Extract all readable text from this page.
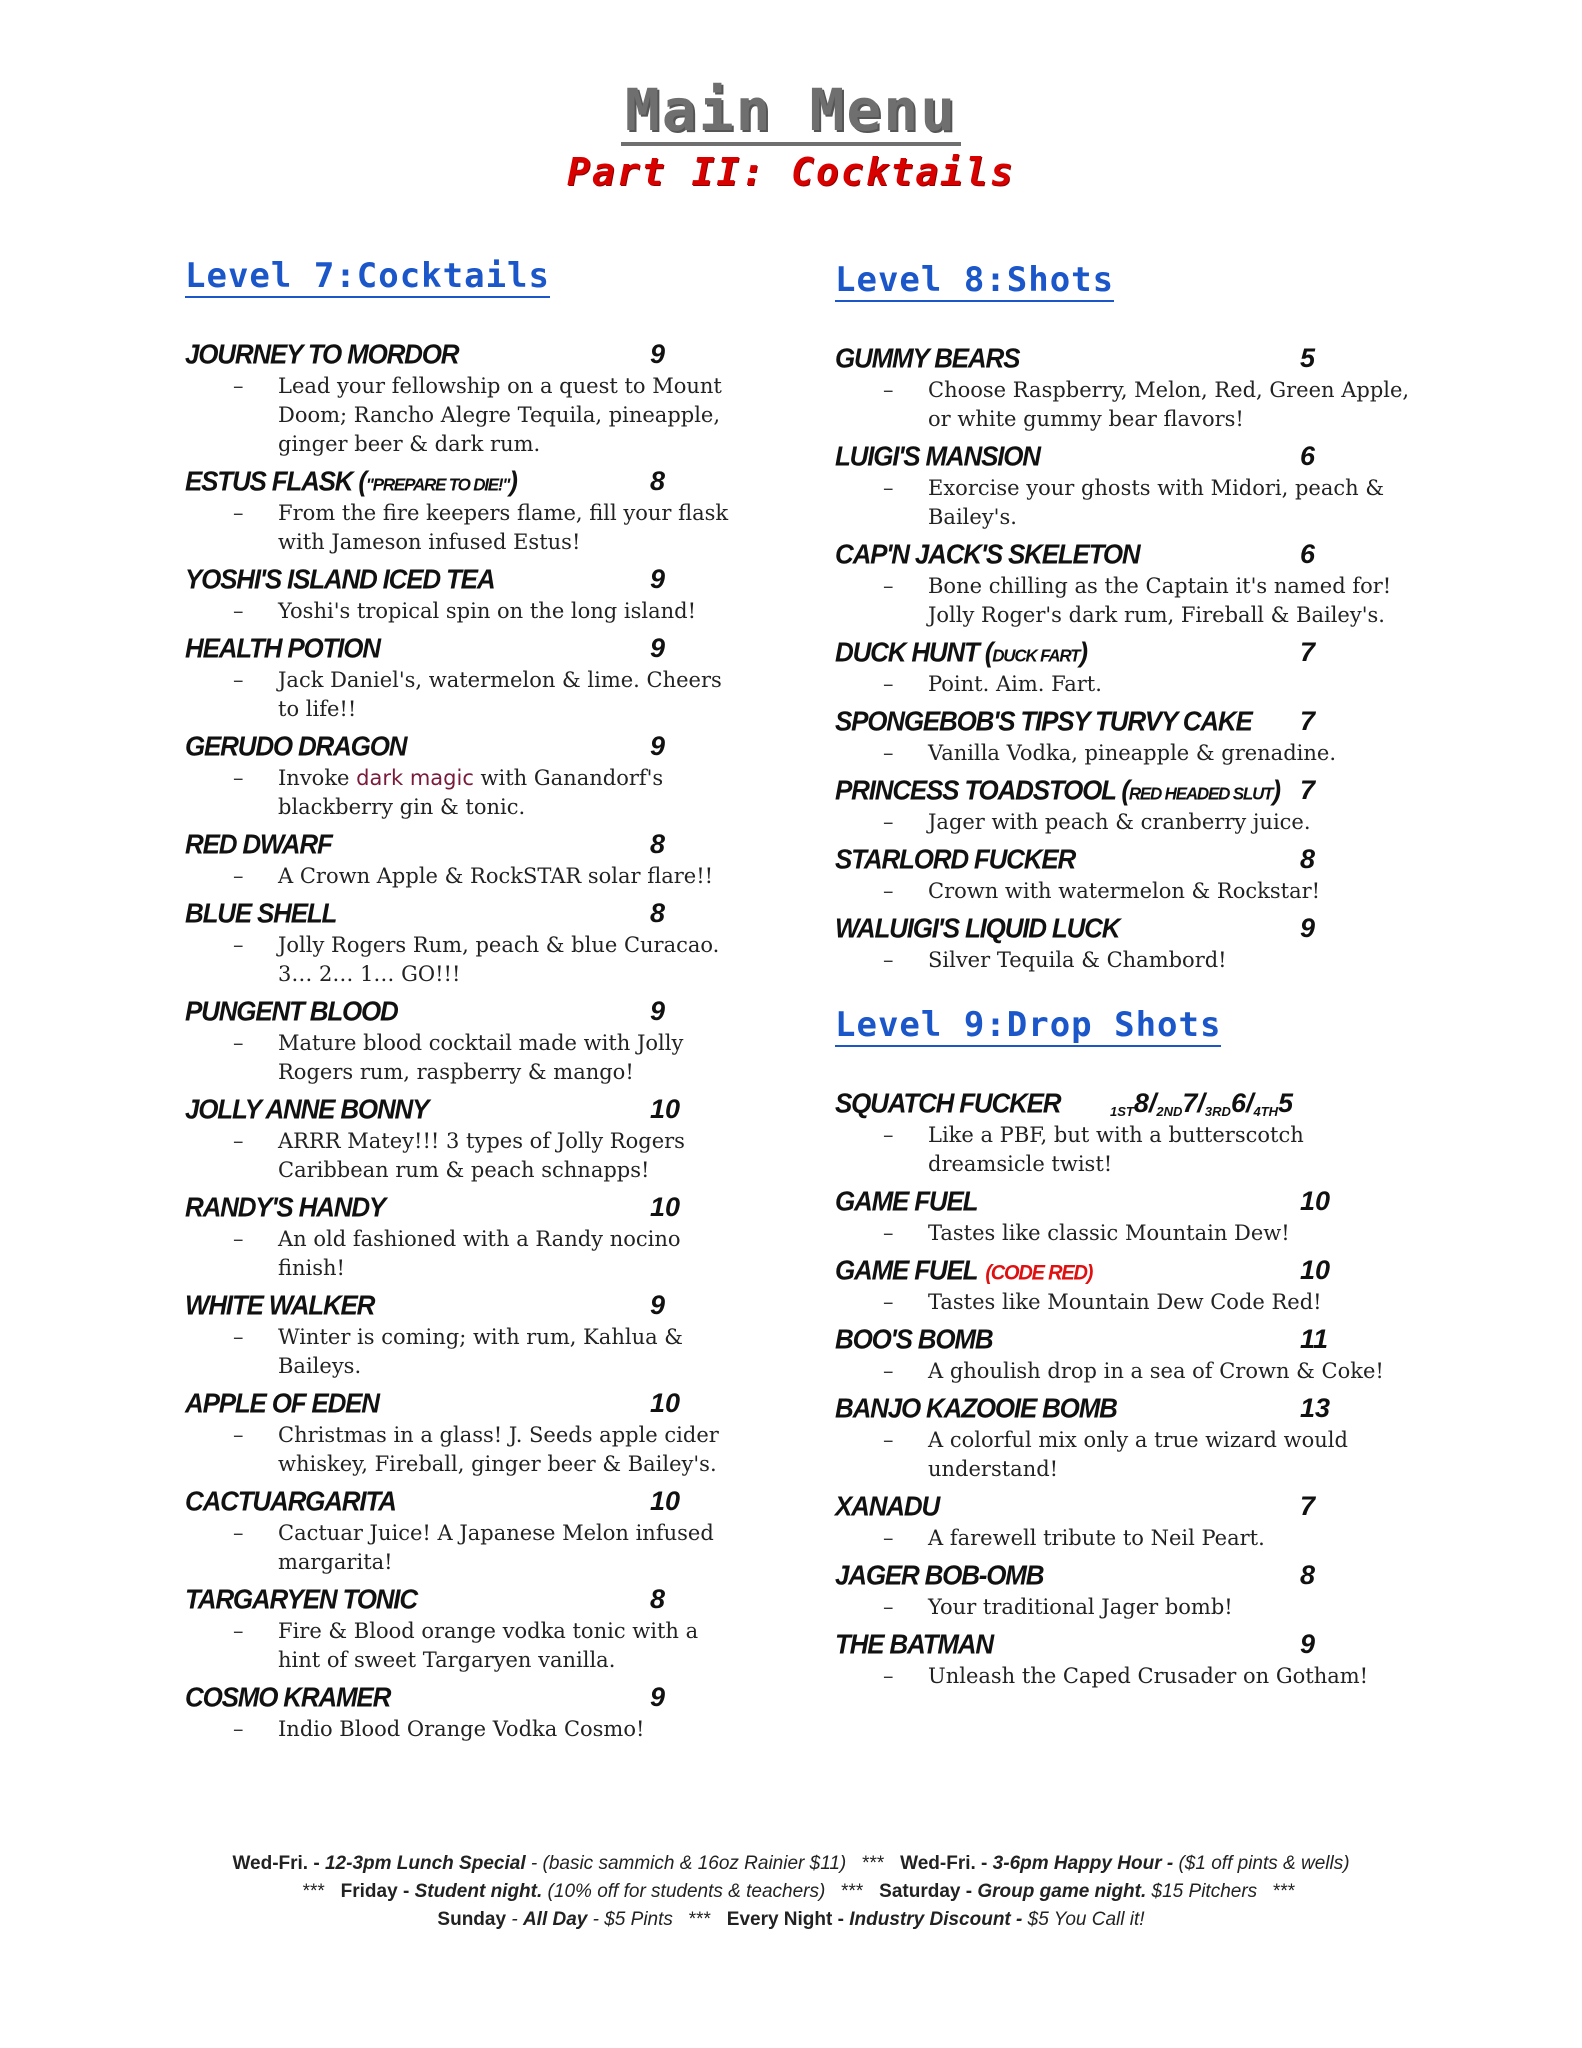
Main Menu
Part II: Cocktails
Level 7:Cocktails
JOURNEY TO MORDOR	9
– Lead your fellowship on a quest to Mount Doom; Rancho Alegre Tequila, pineapple, ginger beer & dark rum.
ESTUS FLASK ("PREPARE TO DIE!")	8
– From the fire keepers flame, fill your flask with Jameson infused Estus!
YOSHI'S ISLAND ICED TEA	9
– Yoshi's tropical spin on the long island!
HEALTH POTION	9
– Jack Daniel's, watermelon & lime. Cheers to life!!
GERUDO DRAGON	9
– Invoke dark magic with Ganandorf's blackberry gin & tonic.
RED DWARF	8
– A Crown Apple & RockSTAR solar flare!!
BLUE SHELL	8
– Jolly Rogers Rum, peach & blue Curacao. 3… 2… 1… GO!!!
PUNGENT BLOOD	9
– Mature blood cocktail made with Jolly Rogers rum, raspberry & mango!
JOLLY ANNE BONNY	10
– ARRR Matey!!! 3 types of Jolly Rogers Caribbean rum & peach schnapps!
RANDY'S HANDY	10
– An old fashioned with a Randy nocino finish!
WHITE WALKER	9
– Winter is coming; with rum, Kahlua & Baileys.
APPLE OF EDEN	10
– Christmas in a glass! J. Seeds apple cider whiskey, Fireball, ginger beer & Bailey's.
CACTUARGARITA	10
– Cactuar Juice! A Japanese Melon infused margarita!
TARGARYEN TONIC	8
– Fire & Blood orange vodka tonic with a hint of sweet Targaryen vanilla.
COSMO KRAMER	9
– Indio Blood Orange Vodka Cosmo!
Level 8:Shots
GUMMY BEARS	5
– Choose Raspberry, Melon, Red, Green Apple, or white gummy bear flavors!
LUIGI'S MANSION	6
– Exorcise your ghosts with Midori, peach & Bailey's.
CAP'N JACK'S SKELETON	6
– Bone chilling as the Captain it's named for! Jolly Roger's dark rum, Fireball & Bailey's.
DUCK HUNT (DUCK FART)	7
– Point. Aim. Fart.
SPONGEBOB'S TIPSY TURVY CAKE 7
– Vanilla Vodka, pineapple & grenadine.
PRINCESS TOADSTOOL (RED HEADED SLUT) 7
– Jager with peach & cranberry juice.
STARLORD FUCKER	8
– Crown with watermelon & Rockstar!
WALUIGI'S LIQUID LUCK	9
– Silver Tequila & Chambord!
Level 9:Drop Shots
SQUATCH FUCKER	$_{1ST}8/_{2ND}7/_{3RD}6/_{4TH}5$
– Like a PBF, but with a butterscotch dreamsicle twist!
GAME FUEL	10
– Tastes like classic Mountain Dew!
GAME FUEL (CODE RED)	10
– Tastes like Mountain Dew Code Red!
BOO'S BOMB	11
– A ghoulish drop in a sea of Crown & Coke!
BANJO KAZOOIE BOMB	13
– A colorful mix only a true wizard would understand!
XANADU	7
– A farewell tribute to Neil Peart.
JAGER BOB-OMB	8
– Your traditional Jager bomb!
THE BATMAN	9
– Unleash the Caped Crusader on Gotham!
Wed-Fri. - 12-3pm Lunch Special - (basic sammich & 16oz Rainier $11)   ***   Wed-Fri. - 3-6pm Happy Hour - ($1 off pints & wells)   ***   Friday - Student night. (10% off for students & teachers)   ***   Saturday - Group game night. $15 Pitchers   ***
Sunday - All Day - $5 Pints   ***   Every Night - Industry Discount - $5 You Call it!
